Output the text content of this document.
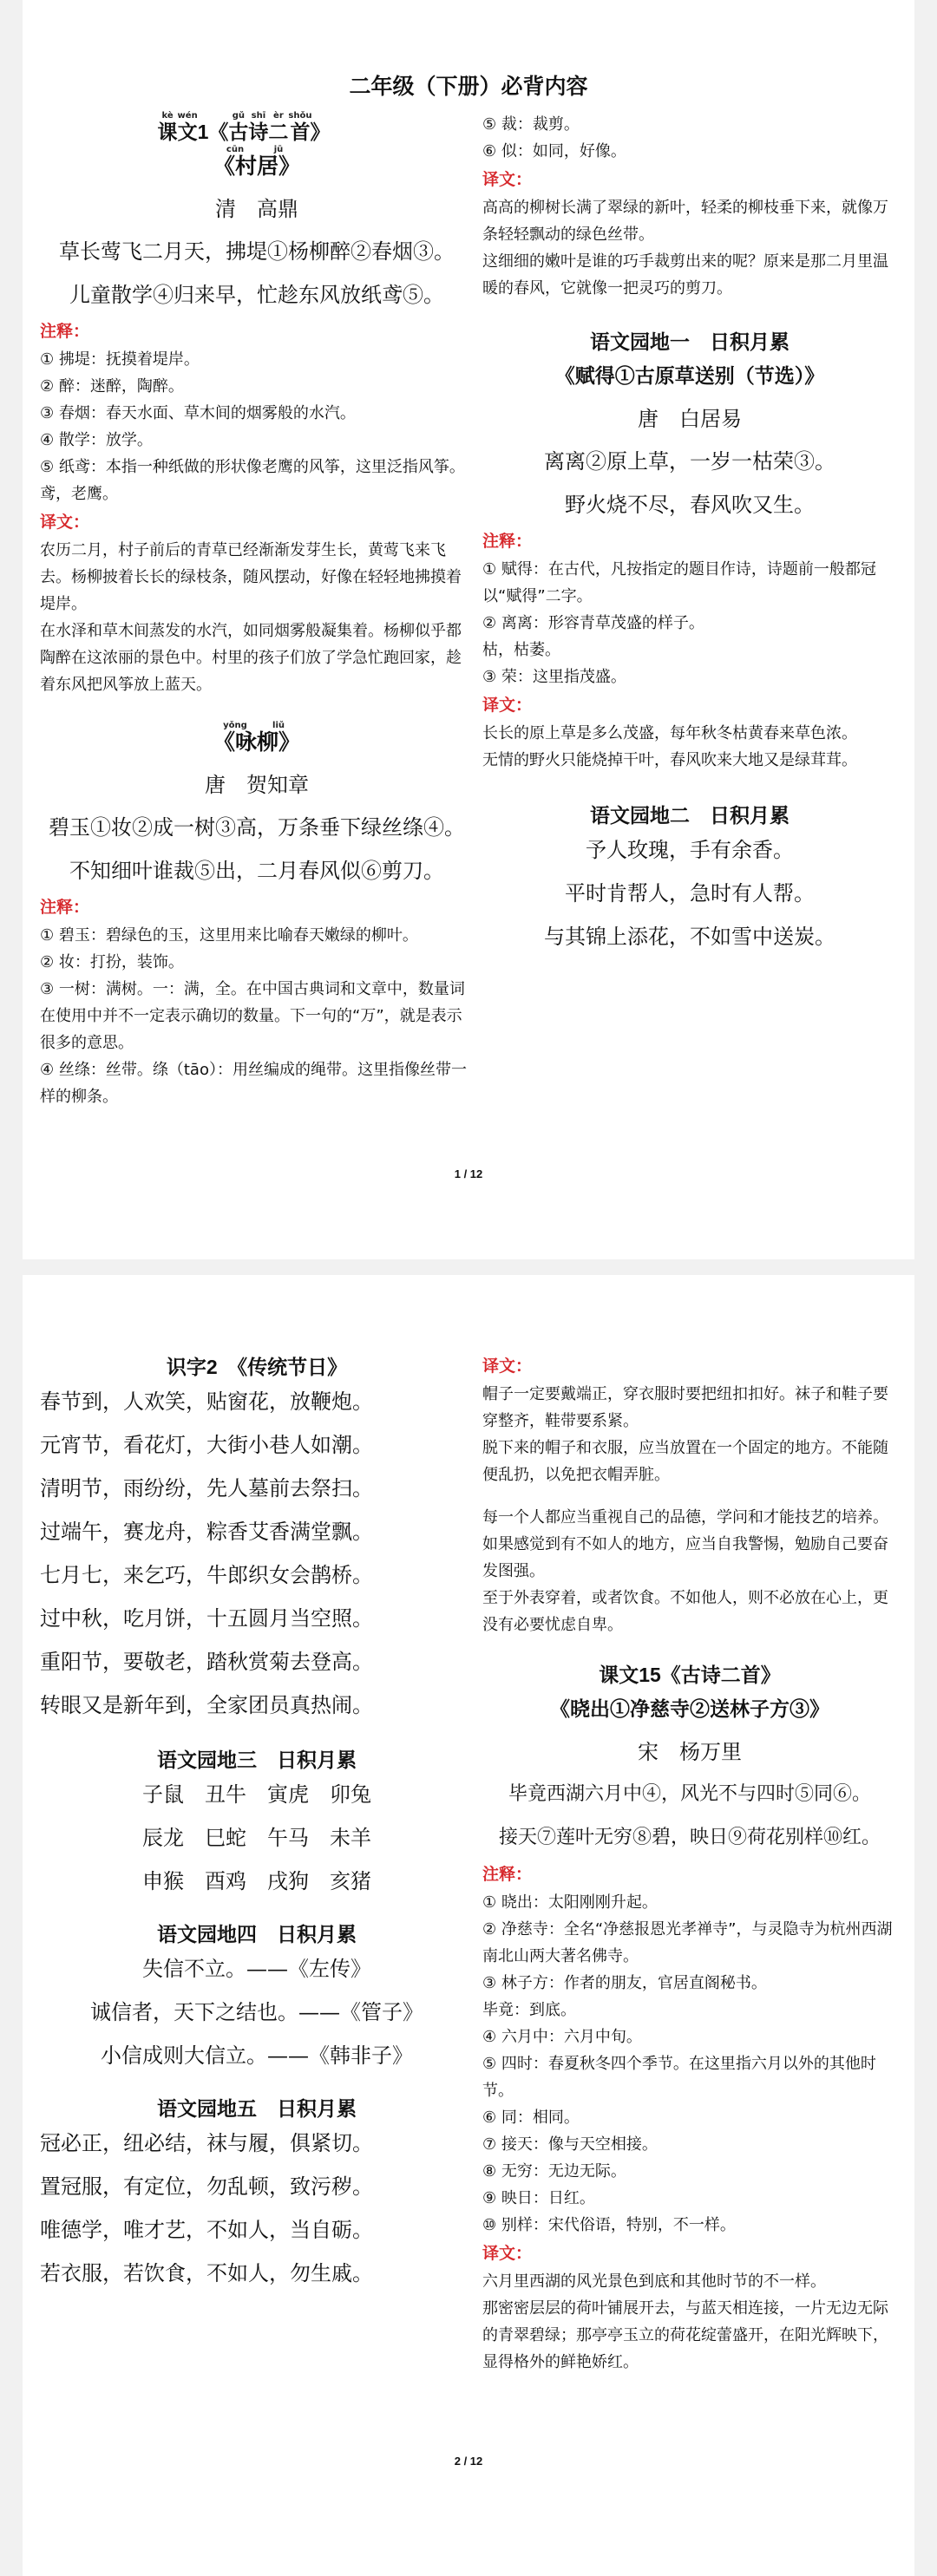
二年级（下册）必背内容
课kè文wén1《古gǔ诗shī二èr首shǒu》
《村cūn居》jū
清　高鼎
草长莺飞二月天，拂堤①杨柳醉②春烟③。
儿童散学④归来早，忙趁东风放纸鸢⑤。
注释：
① 拂堤：抚摸着堤岸。
② 醉：迷醉，陶醉。
③ 春烟：春天水面、草木间的烟雾般的水汽。
④ 散学：放学。
⑤ 纸鸢：本指一种纸做的形状像老鹰的风筝，这里泛指风筝。鸢，老鹰。
译文：
农历二月，村子前后的青草已经渐渐发芽生长，黄莺飞来飞去。杨柳披着长长的绿枝条，随风摆动，好像在轻轻地拂摸着堤岸。
在水泽和草木间蒸发的水汽，如同烟雾般凝集着。杨柳似乎都陶醉在这浓丽的景色中。村里的孩子们放了学急忙跑回家，趁着东风把风筝放上蓝天。
《咏yǒng柳》liǔ
唐　贺知章
碧玉①妆②成一树③高，万条垂下绿丝绦④。
不知细叶谁裁⑤出，二月春风似⑥剪刀。
注释：
① 碧玉：碧绿色的玉，这里用来比喻春天嫩绿的柳叶。
② 妆：打扮，装饰。
③ 一树：满树。一：满，全。在中国古典词和文章中，数量词在使用中并不一定表示确切的数量。下一句的“万”，就是表示很多的意思。
④ 丝绦：丝带。绦（tāo）：用丝编成的绳带。这里指像丝带一样的柳条。
⑤ 裁：裁剪。
⑥ 似：如同，好像。
译文：
高高的柳树长满了翠绿的新叶，轻柔的柳枝垂下来，就像万条轻轻飘动的绿色丝带。
这细细的嫩叶是谁的巧手裁剪出来的呢？原来是那二月里温暖的春风，它就像一把灵巧的剪刀。
语文园地一　日积月累
《赋得①古原草送别（节选）》
唐　白居易
离离②原上草，一岁一枯荣③。
野火烧不尽，春风吹又生。
注释：
① 赋得：在古代，凡按指定的题目作诗，诗题前一般都冠以“赋得”二字。
② 离离：形容青草茂盛的样子。
枯，枯萎。
③ 荣：这里指茂盛。
译文：
长长的原上草是多么茂盛，每年秋冬枯黄春来草色浓。
无情的野火只能烧掉干叶，春风吹来大地又是绿茸茸。
语文园地二　日积月累
予人玫瑰，手有余香。
平时肯帮人，急时有人帮。
与其锦上添花，不如雪中送炭。
1 / 12
识字2　《传统节日》
春节到，人欢笑，贴窗花，放鞭炮。
元宵节，看花灯，大街小巷人如潮。
清明节，雨纷纷，先人墓前去祭扫。
过端午，赛龙舟，粽香艾香满堂飘。
七月七，来乞巧，牛郎织女会鹊桥。
过中秋，吃月饼，十五圆月当空照。
重阳节，要敬老，踏秋赏菊去登高。
转眼又是新年到，全家团员真热闹。
语文园地三　日积月累
子鼠　丑牛　寅虎　卯兔
辰龙　巳蛇　午马　未羊
申猴　酉鸡　戌狗　亥猪
语文园地四　日积月累
失信不立。——《左传》
诚信者，天下之结也。——《管子》
小信成则大信立。——《韩非子》
语文园地五　日积月累
冠必正，纽必结，袜与履，俱紧切。
置冠服，有定位，勿乱顿，致污秽。
唯德学，唯才艺，不如人，当自砺。
若衣服，若饮食，不如人，勿生戚。
译文：
帽子一定要戴端正，穿衣服时要把纽扣扣好。袜子和鞋子要穿整齐，鞋带要系紧。
脱下来的帽子和衣服，应当放置在一个固定的地方。不能随便乱扔，以免把衣帽弄脏。
每一个人都应当重视自己的品德，学问和才能技艺的培养。如果感觉到有不如人的地方，应当自我警惕，勉励自己要奋发图强。
至于外表穿着，或者饮食。不如他人，则不必放在心上，更没有必要忧虑自卑。
课文15《古诗二首》
《晓出①净慈寺②送林子方③》
宋　杨万里
毕竟西湖六月中④，风光不与四时⑤同⑥。
接天⑦莲叶无穷⑧碧，映日⑨荷花别样⑩红。
注释：
① 晓出：太阳刚刚升起。
② 净慈寺：全名“净慈报恩光孝禅寺”，与灵隐寺为杭州西湖南北山两大著名佛寺。
③ 林子方：作者的朋友，官居直阁秘书。
毕竟：到底。
④ 六月中：六月中旬。
⑤ 四时：春夏秋冬四个季节。在这里指六月以外的其他时节。
⑥ 同：相同。
⑦ 接天：像与天空相接。
⑧ 无穷：无边无际。
⑨ 映日：日红。
⑩ 别样：宋代俗语，特别，不一样。
译文：
六月里西湖的风光景色到底和其他时节的不一样。
那密密层层的荷叶铺展开去，与蓝天相连接，一片无边无际的青翠碧绿；那亭亭玉立的荷花绽蕾盛开，在阳光辉映下，显得格外的鲜艳娇红。
2 / 12
